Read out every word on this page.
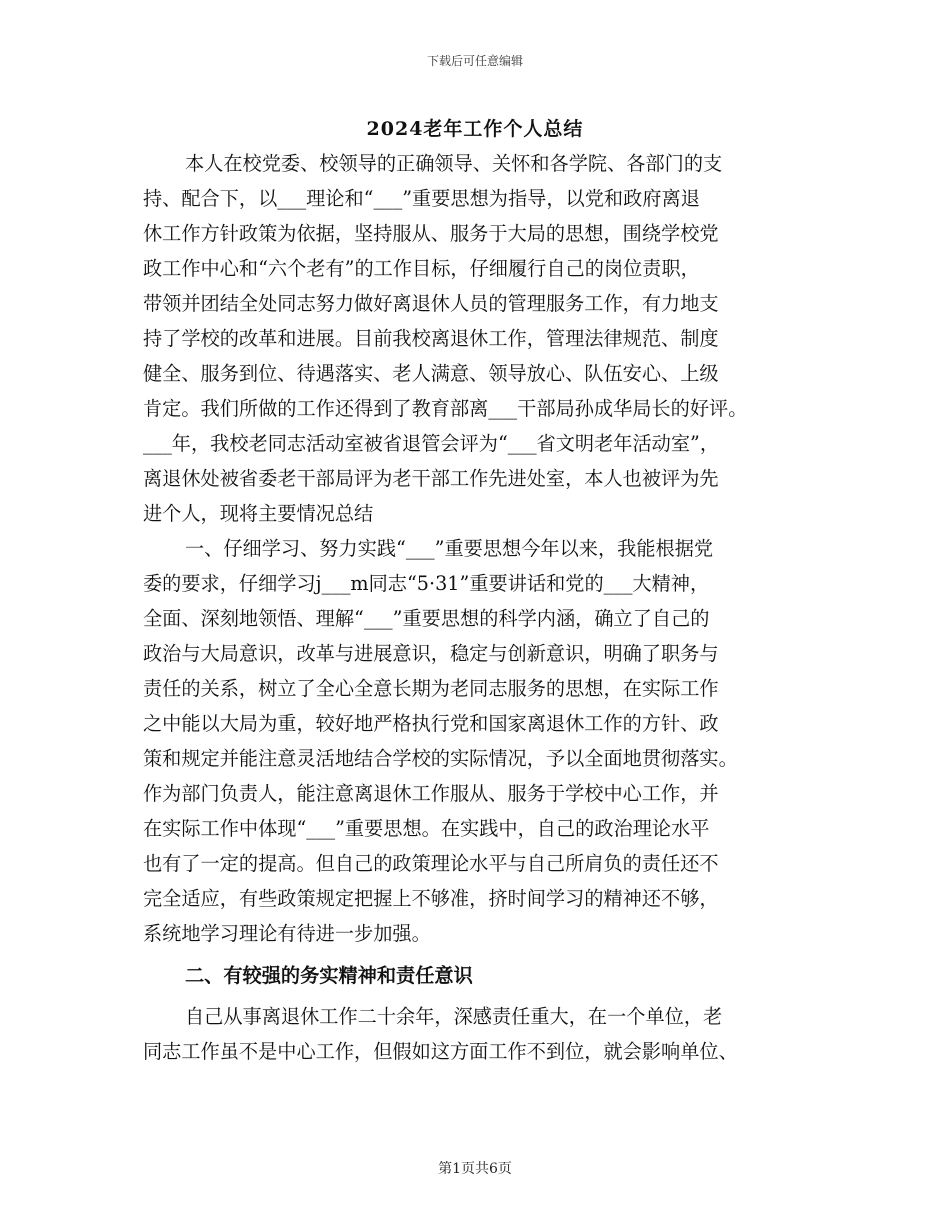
下载后可任意编辑
2024老年工作个人总结
本人在校党委、校领导的正确领导、关怀和各学院、各部门的支
持、配合下，以___理论和“___”重要思想为指导，以党和政府离退
休工作方针政策为依据，坚持服从、服务于大局的思想，围绕学校党
政工作中心和“六个老有”的工作目标，仔细履行自己的岗位责职，
带领并团结全处同志努力做好离退休人员的管理服务工作，有力地支
持了学校的改革和进展。目前我校离退休工作，管理法律规范、制度
健全、服务到位、待遇落实、老人满意、领导放心、队伍安心、上级
肯定。我们所做的工作还得到了教育部离___干部局孙成华局长的好评。
___年，我校老同志活动室被省退管会评为“___省文明老年活动室”，
离退休处被省委老干部局评为老干部工作先进处室，本人也被评为先
进个人，现将主要情况总结
一、仔细学习、努力实践“___”重要思想今年以来，我能根据党
委的要求，仔细学习j___m同志“5·31”重要讲话和党的___大精神，
全面、深刻地领悟、理解“___”重要思想的科学内涵，确立了自己的
政治与大局意识，改革与进展意识，稳定与创新意识，明确了职务与
责任的关系，树立了全心全意长期为老同志服务的思想，在实际工作
之中能以大局为重，较好地严格执行党和国家离退休工作的方针、政
策和规定并能注意灵活地结合学校的实际情况，予以全面地贯彻落实。
作为部门负责人，能注意离退休工作服从、服务于学校中心工作，并
在实际工作中体现“___”重要思想。在实践中，自己的政治理论水平
也有了一定的提高。但自己的政策理论水平与自己所肩负的责任还不
完全适应，有些政策规定把握上不够准，挤时间学习的精神还不够，
系统地学习理论有待进一步加强。
二、有较强的务实精神和责任意识
自己从事离退休工作二十余年，深感责任重大，在一个单位，老
同志工作虽不是中心工作，但假如这方面工作不到位，就会影响单位、
第1页共6页
